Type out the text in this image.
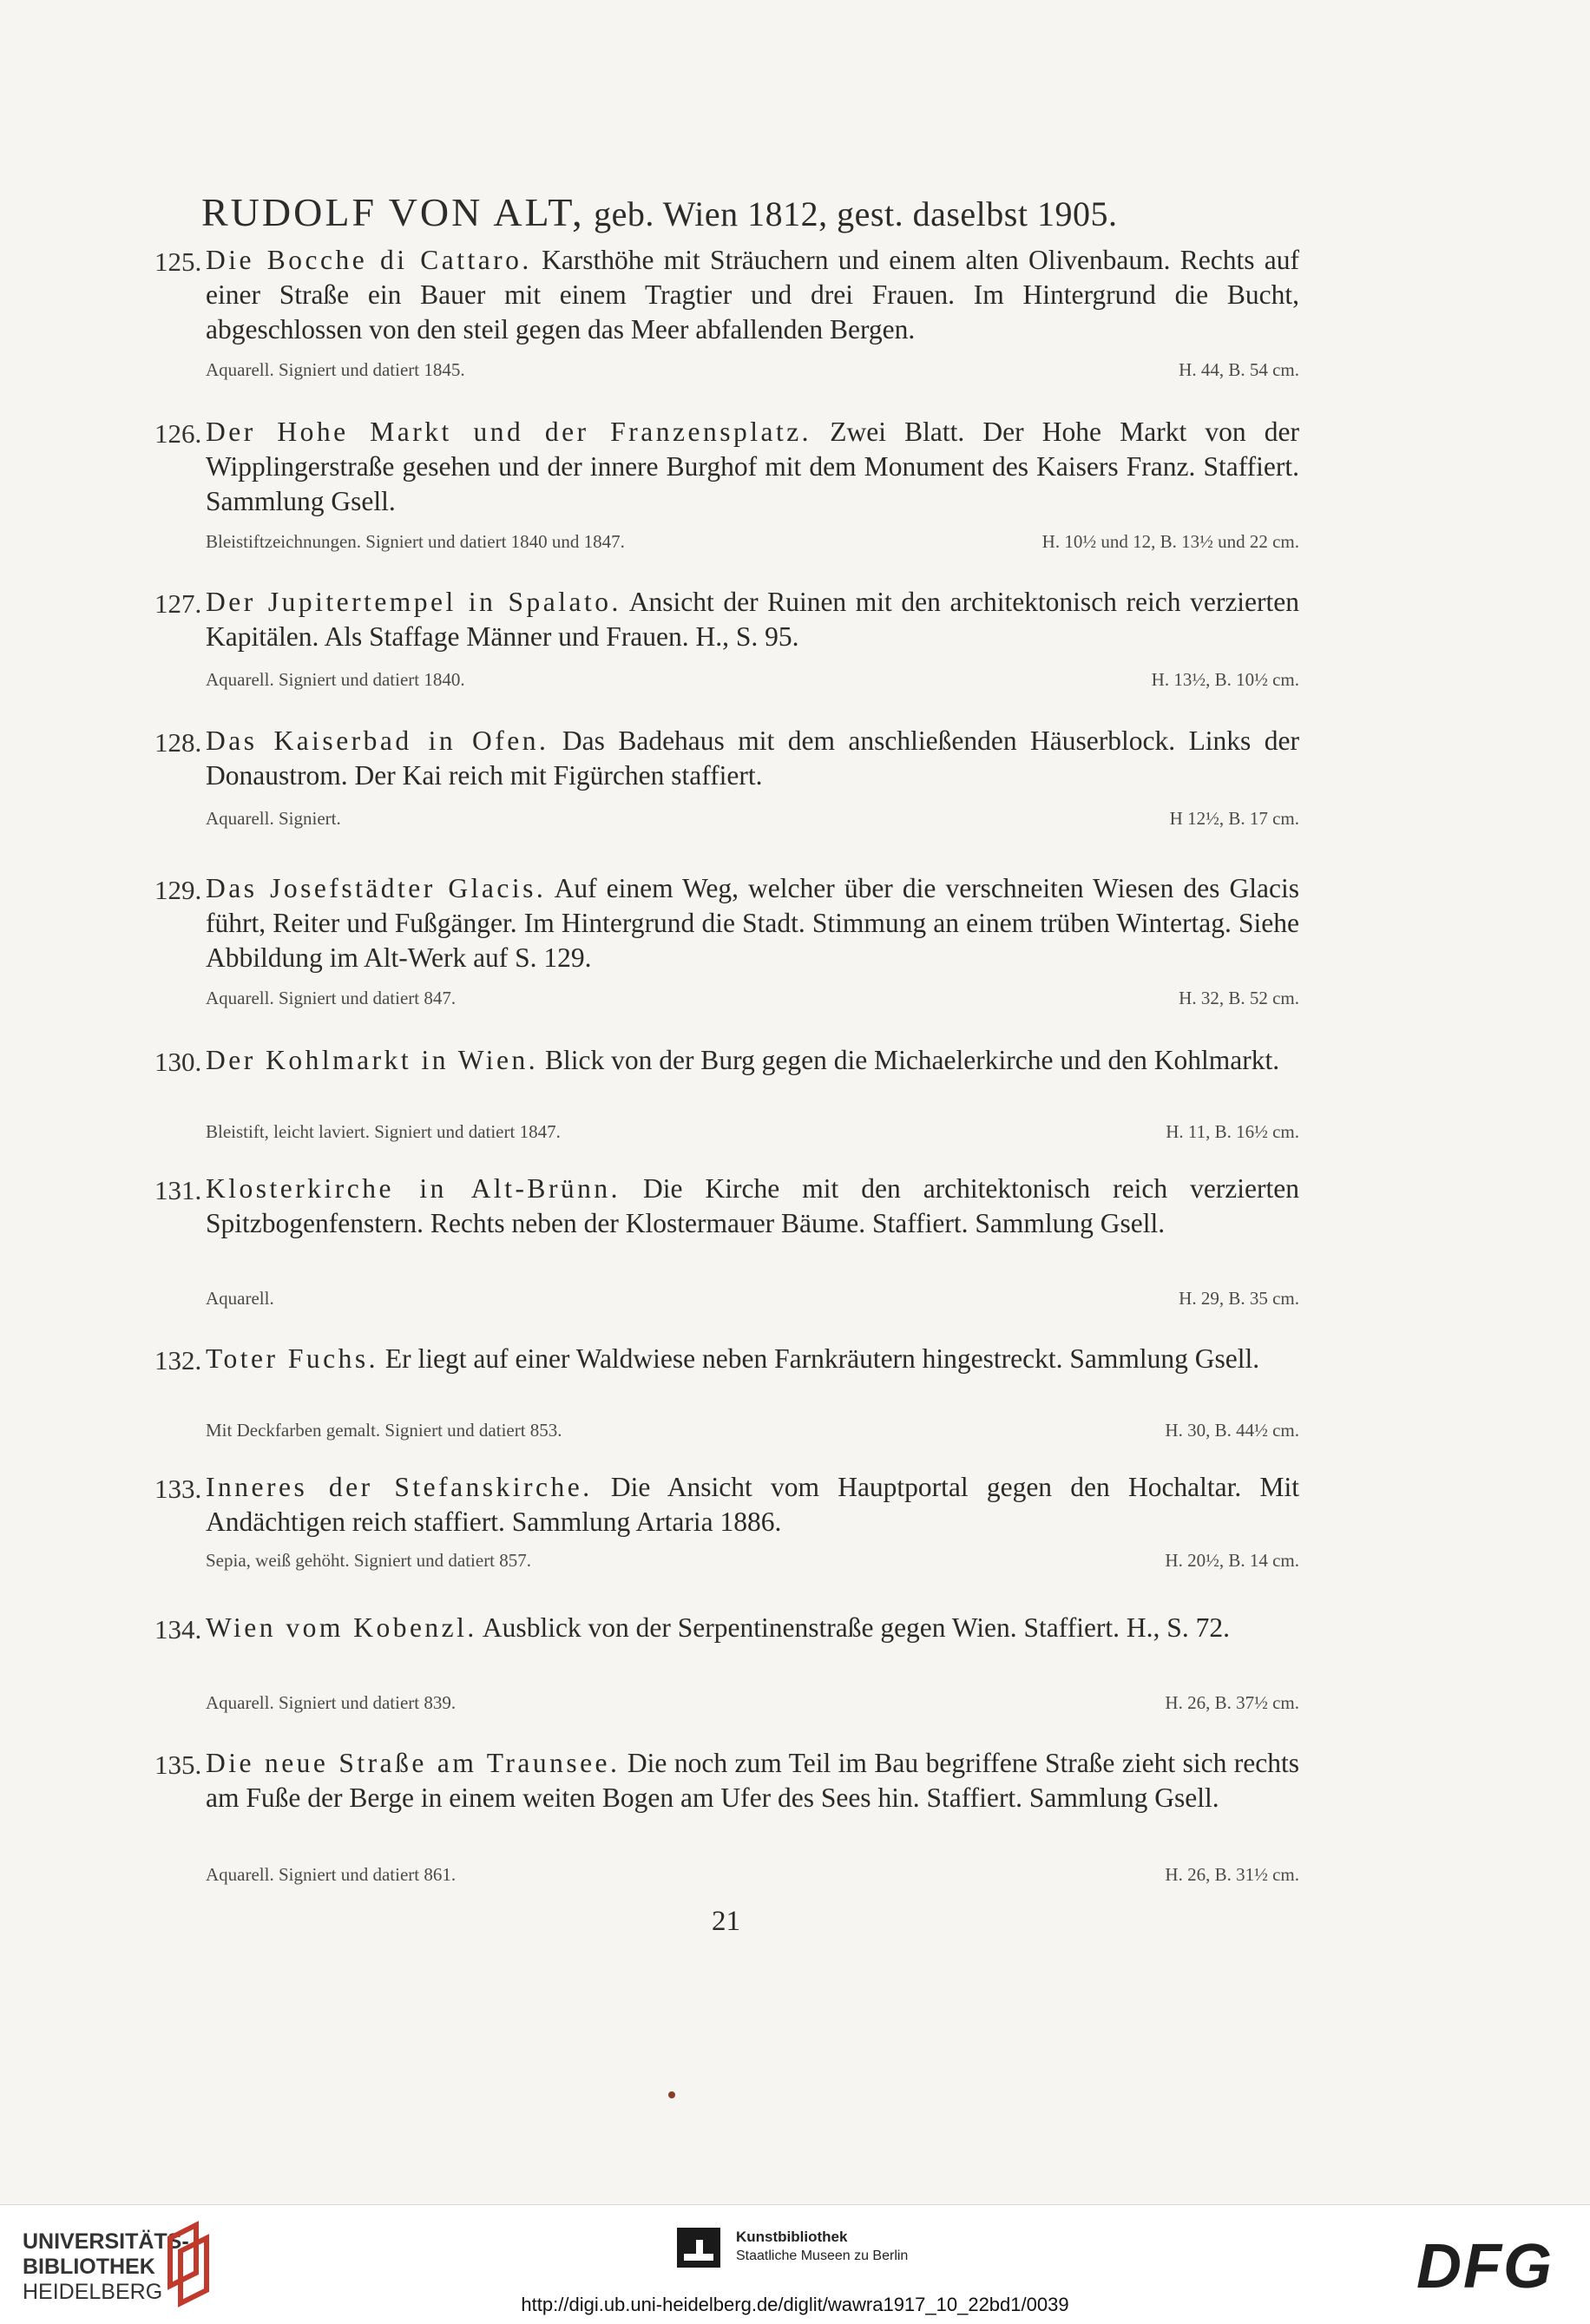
RUDOLF VON ALT, geb. Wien 1812, gest. daselbst 1905.
125. Die Bocche di Cattaro. Karsthöhe mit Sträuchern und einem alten Olivenbaum. Rechts auf einer Straße ein Bauer mit einem Tragtier und drei Frauen. Im Hintergrund die Bucht, abgeschlossen von den steil gegen das Meer abfallenden Bergen.
Aquarell. Signiert und datiert 1845.	H. 44, B. 54 cm.
126. Der Hohe Markt und der Franzensplatz. Zwei Blatt. Der Hohe Markt von der Wipplingerstraße gesehen und der innere Burghof mit dem Monument des Kaisers Franz. Staffiert. Sammlung Gsell.
Bleistiftzeichnungen. Signiert und datiert 1840 und 1847.	H. 10½ und 12, B. 13½ und 22 cm.
127. Der Jupitertempel in Spalato. Ansicht der Ruinen mit den architektonisch reich verzierten Kapitälen. Als Staffage Männer und Frauen. H., S. 95.
Aquarell. Signiert und datiert 1840.	H. 13½, B. 10½ cm.
128. Das Kaiserbad in Ofen. Das Badehaus mit dem anschließenden Häuserblock. Links der Donaustrom. Der Kai reich mit Figürchen staffiert.
Aquarell. Signiert.	H 12½, B. 17 cm.
129. Das Josefstädter Glacis. Auf einem Weg, welcher über die verschneiten Wiesen des Glacis führt, Reiter und Fußgänger. Im Hintergrund die Stadt. Stimmung an einem trüben Wintertag. Siehe Abbildung im Alt-Werk auf S. 129.
Aquarell. Signiert und datiert 847.	H. 32, B. 52 cm.
130. Der Kohlmarkt in Wien. Blick von der Burg gegen die Michaelerkirche und den Kohlmarkt.
Bleistift, leicht laviert. Signiert und datiert 1847.	H. 11, B. 16½ cm.
131. Klosterkirche in Alt-Brünn. Die Kirche mit den architektonisch reich verzierten Spitzbogenfenstern. Rechts neben der Klostermauer Bäume. Staffiert. Sammlung Gsell.
Aquarell.	H. 29, B. 35 cm.
132. Toter Fuchs. Er liegt auf einer Waldwiese neben Farnkräutern hingestreckt. Sammlung Gsell.
Mit Deckfarben gemalt. Signiert und datiert 853.	H. 30, B. 44½ cm.
133. Inneres der Stefanskirche. Die Ansicht vom Hauptportal gegen den Hochaltar. Mit Andächtigen reich staffiert. Sammlung Artaria 1886.
Sepia, weiß gehöht. Signiert und datiert 857.	H. 20½, B. 14 cm.
134. Wien vom Kobenzl. Ausblick von der Serpentinenstraße gegen Wien. Staffiert. H., S. 72.
Aquarell. Signiert und datiert 839.	H. 26, B. 37½ cm.
135. Die neue Straße am Traunsee. Die noch zum Teil im Bau begriffene Straße zieht sich rechts am Fuße der Berge in einem weiten Bogen am Ufer des Sees hin. Staffiert. Sammlung Gsell.
Aquarell. Signiert und datiert 861.	H. 26, B. 31½ cm.
21
UNIVERSITÄTS-
BIBLIOTHEK
HEIDELBERG
Kunstbibliothek
Staatliche Museen zu Berlin	DFG
http://digi.ub.uni-heidelberg.de/diglit/wawra1917_10_22bd1/0039
